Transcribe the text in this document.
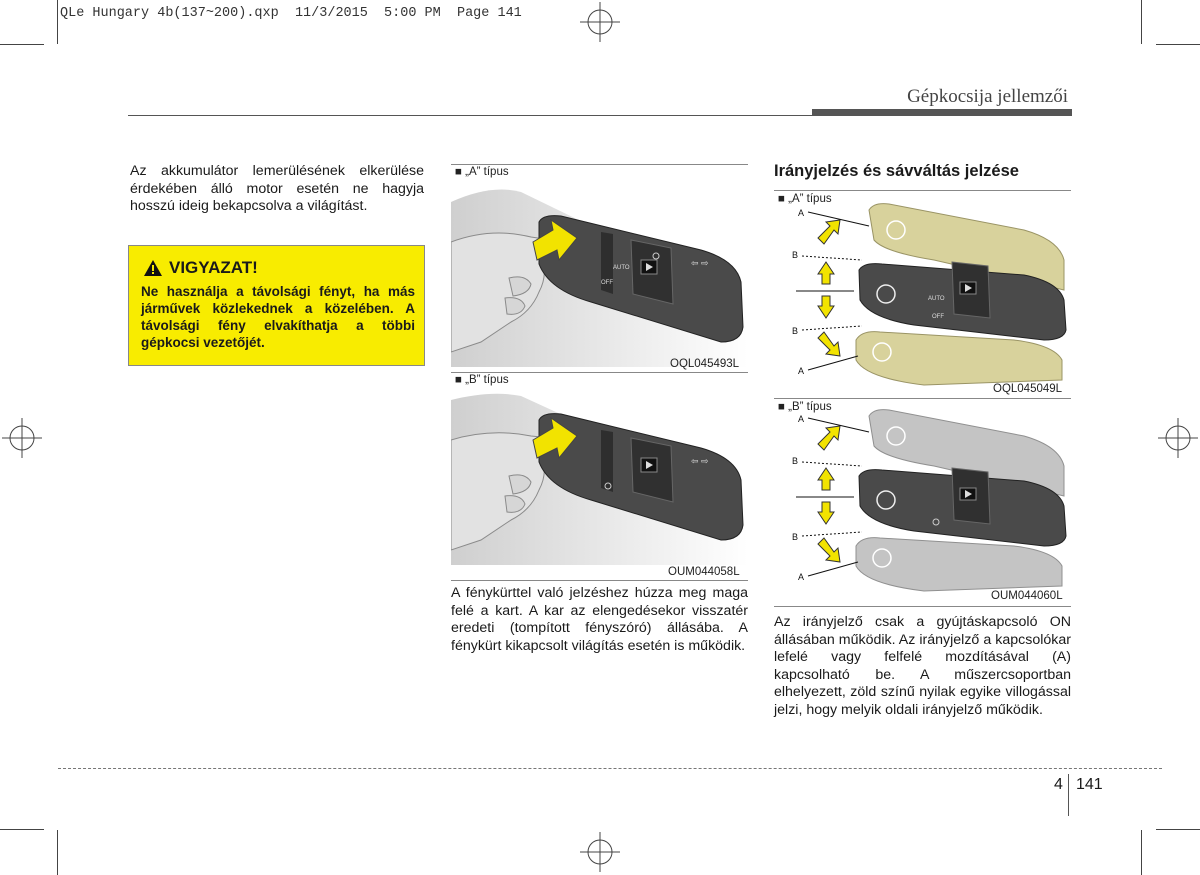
QLe Hungary 4b(137~200).qxp  11/3/2015  5:00 PM  Page 141
Gépkocsija jellemzői
Az akkumulátor lemerülésének elkerülése érdekében álló motor esetén ne hagyja hosszú ideig bekapcsolva a világítást.
VIGYAZAT!
Ne használja a távolsági fényt, ha más járművek közlekednek a közelében. A távolsági fény elvakíthatja a többi gépkocsi vezetőjét.
■ „A” típus
AUTO
OFF
⇦ ⇨
OQL045493L
■ „B” típus
⇦ ⇨
OUM044058L
A fénykürttel való jelzéshez húzza meg maga felé a kart. A kar az elengedésekor visszatér eredeti (tompított fényszóró) állásába. A fénykürt kikapcsolt világítás esetén is működik.
Irányjelzés és sávváltás jelzése
■ „A” típus
AUTO
OFF
A
B
B
A
OQL045049L
■ „B” típus
A
B
B
A
OUM044060L
Az irányjelző csak a gyújtáskapcsoló ON állásában működik. Az irányjelző a kapcsolókar lefelé vagy felfelé mozdításával (A) kapcsolható be. A műszercsoportban elhelyezett, zöld színű nyilak egyike villogással jelzi, hogy melyik oldali irányjelző működik.
4 141
